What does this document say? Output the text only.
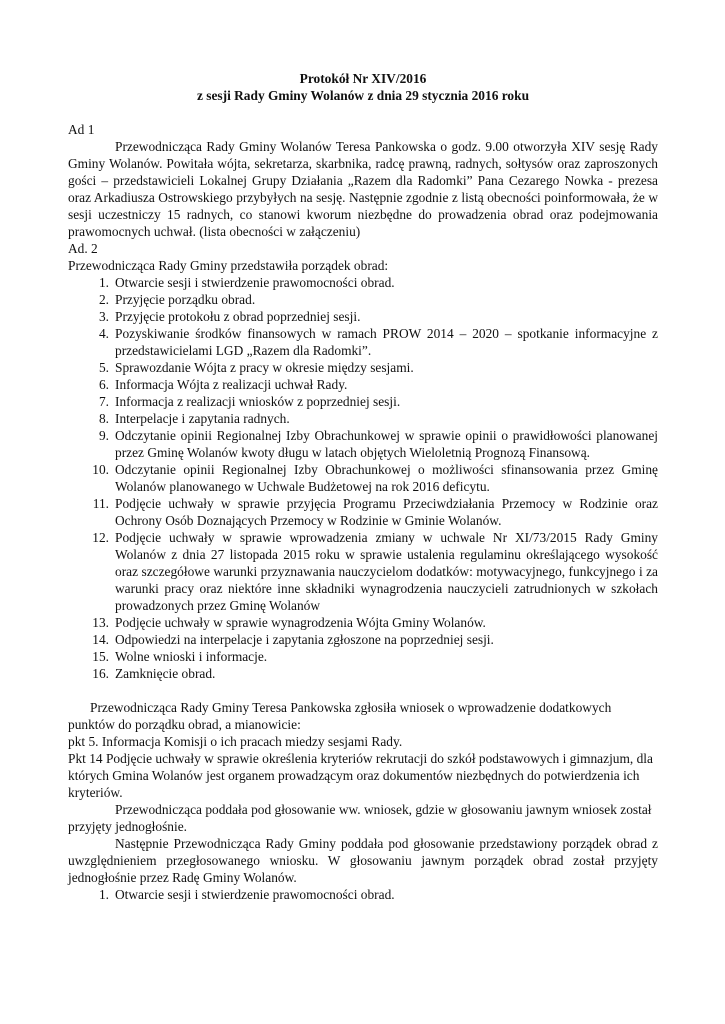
Protokół Nr XIV/2016

z sesji Rady Gminy Wolanów z dnia 29 stycznia 2016 roku

Ad 1

Przewodnicząca Rady Gminy Wolanów Teresa Pankowska o godz. 9.00 otworzyła XIV sesję Rady Gminy Wolanów. Powitała wójta, sekretarza, skarbnika, radcę prawną, radnych, sołtysów oraz zaproszonych gości – przedstawicieli Lokalnej Grupy Działania „Razem dla Radomki” Pana Cezarego Nowka - prezesa oraz Arkadiusza Ostrowskiego przybyłych na sesję. Następnie zgodnie z listą obecności poinformowała, że w sesji uczestniczy 15 radnych, co stanowi kworum niezbędne do prowadzenia obrad oraz podejmowania prawomocnych uchwał. (lista obecności w załączeniu)

Ad. 2

Przewodnicząca Rady Gminy przedstawiła porządek obrad:

1. Otwarcie sesji i stwierdzenie prawomocności obrad.
2. Przyjęcie porządku obrad.
3. Przyjęcie protokołu z obrad poprzedniej sesji.
4. Pozyskiwanie środków finansowych w ramach PROW 2014 – 2020 – spotkanie informacyjne z przedstawicielami LGD „Razem dla Radomki”.
5. Sprawozdanie Wójta z pracy w okresie między sesjami.
6. Informacja Wójta z realizacji uchwał Rady.
7. Informacja z realizacji wniosków z poprzedniej sesji.
8. Interpelacje i zapytania radnych.
9. Odczytanie opinii Regionalnej Izby Obrachunkowej w sprawie opinii o prawidłowości planowanej przez Gminę Wolanów kwoty długu w latach objętych Wieloletnią Prognozą Finansową.
10. Odczytanie opinii Regionalnej Izby Obrachunkowej o możliwości sfinansowania przez Gminę Wolanów planowanego w Uchwale Budżetowej na rok 2016 deficytu.
11. Podjęcie uchwały w sprawie przyjęcia Programu Przeciwdziałania Przemocy w Rodzinie oraz Ochrony Osób Doznających Przemocy w Rodzinie w Gminie Wolanów.
12. Podjęcie uchwały w sprawie wprowadzenia zmiany w uchwale Nr XI/73/2015 Rady Gminy Wolanów z dnia 27 listopada 2015 roku w sprawie ustalenia regulaminu określającego wysokość oraz szczegółowe warunki przyznawania nauczycielom dodatków: motywacyjnego, funkcyjnego i za warunki pracy oraz niektóre inne składniki wynagrodzenia nauczycieli zatrudnionych w szkołach prowadzonych przez Gminę Wolanów
13. Podjęcie uchwały w sprawie wynagrodzenia Wójta Gminy Wolanów.
14. Odpowiedzi na interpelacje i zapytania zgłoszone na poprzedniej sesji.
15. Wolne wnioski i informacje.
16. Zamknięcie obrad.

Przewodnicząca Rady Gminy Teresa Pankowska zgłosiła wniosek o wprowadzenie dodatkowych punktów do porządku obrad, a mianowicie:

pkt 5. Informacja Komisji o ich pracach miedzy sesjami Rady.

Pkt 14 Podjęcie uchwały w sprawie określenia kryteriów rekrutacji do szkół podstawowych i gimnazjum, dla których Gmina Wolanów jest organem prowadzącym oraz dokumentów niezbędnych do potwierdzenia ich kryteriów.

Przewodnicząca poddała pod głosowanie ww. wniosek, gdzie w głosowaniu jawnym wniosek został przyjęty jednogłośnie.

Następnie Przewodnicząca Rady Gminy poddała pod głosowanie przedstawiony porządek obrad z uwzględnieniem przegłosowanego wniosku. W głosowaniu jawnym porządek obrad został przyjęty jednogłośnie przez Radę Gminy Wolanów.

1. Otwarcie sesji i stwierdzenie prawomocności obrad.
